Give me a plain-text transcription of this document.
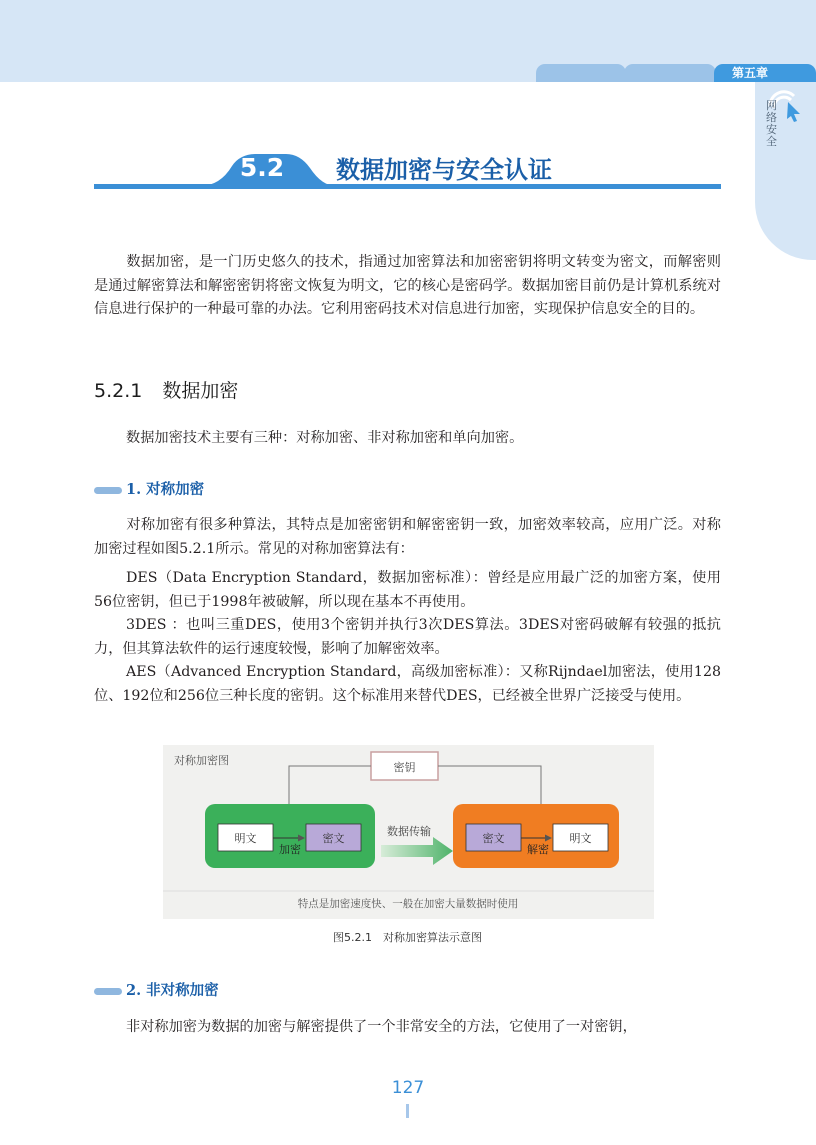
第五章
网络安全
5.2	数据加密与安全认证

数据加密，是一门历史悠久的技术，指通过加密算法和加密密钥将明文转变为密文，而解密则是通过解密算法和解密密钥将密文恢复为明文，它的核心是密码学。数据加密目前仍是计算机系统对信息进行保护的一种最可靠的办法。它利用密码技术对信息进行加密，实现保护信息安全的目的。

5.2.1 数据加密

数据加密技术主要有三种：对称加密、非对称加密和单向加密。

1. 对称加密

对称加密有很多种算法，其特点是加密密钥和解密密钥一致，加密效率较高，应用广泛。对称加密过程如图5.2.1所示。常见的对称加密算法有：

DES（Data Encryption Standard，数据加密标准）：曾经是应用最广泛的加密方案，使用56位密钥，但已于1998年被破解，所以现在基本不再使用。

3DES ：也叫三重DES，使用3个密钥并执行3次DES算法。3DES对密码破解有较强的抵抗力，但其算法软件的运行速度较慢，影响了加解密效率。

AES（Advanced Encryption Standard，高级加密标准）：又称Rijndael加密法，使用128位、192位和256位三种长度的密钥。这个标准用来替代DES，已经被全世界广泛接受与使用。

对称加密图
密钥
明文	密文
加密
数据传输
密文	明文
解密
特点是加密速度快、一般在加密大量数据时使用
图5.2.1　对称加密算法示意图
2. 非对称加密

非对称加密为数据的加密与解密提供了一个非常安全的方法，它使用了一对密钥，

127
